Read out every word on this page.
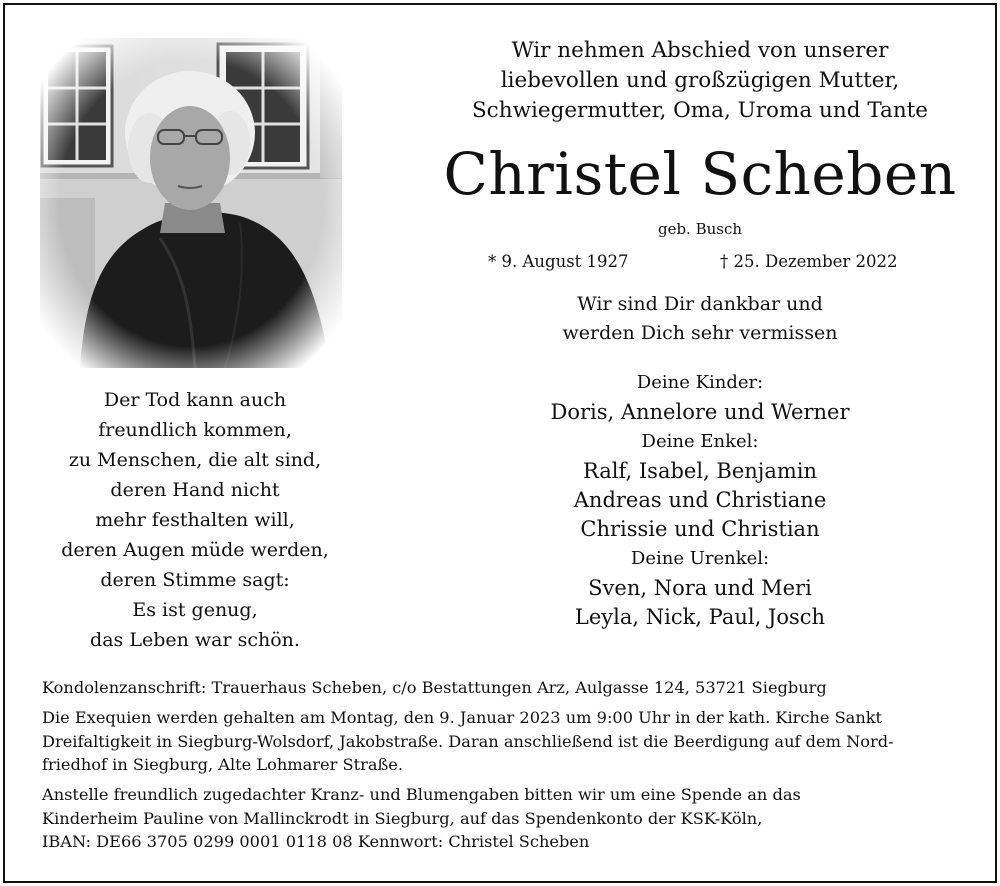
Der Tod kann auch
freundlich kommen,
zu Menschen, die alt sind,
deren Hand nicht
mehr festhalten will,
deren Augen müde werden,
deren Stimme sagt:
Es ist genug,
das Leben war schön.
Wir nehmen Abschied von unserer
liebevollen und großzügigen Mutter,
Schwiegermutter, Oma, Uroma und Tante
Christel Scheben
geb. Busch
* 9. August 1927	† 25. Dezember 2022
Wir sind Dir dankbar und
werden Dich sehr vermissen
Deine Kinder:
Doris, Annelore und Werner
Deine Enkel:
Ralf, Isabel, Benjamin
Andreas und Christiane
Chrissie und Christian
Deine Urenkel:
Sven, Nora und Meri
Leyla, Nick, Paul, Josch
Kondolenzanschrift: Trauerhaus Scheben, c/o Bestattungen Arz, Aulgasse 124, 53721 Siegburg
Die Exequien werden gehalten am Montag, den 9. Januar 2023 um 9:00 Uhr in der kath. Kirche Sankt
Dreifaltigkeit in Siegburg-Wolsdorf, Jakobstraße. Daran anschließend ist die Beerdigung auf dem Nord-
friedhof in Siegburg, Alte Lohmarer Straße.
Anstelle freundlich zugedachter Kranz- und Blumengaben bitten wir um eine Spende an das
Kinderheim Pauline von Mallinckrodt in Siegburg, auf das Spendenkonto der KSK-Köln,
IBAN: DE66 3705 0299 0001 0118 08 Kennwort: Christel Scheben
